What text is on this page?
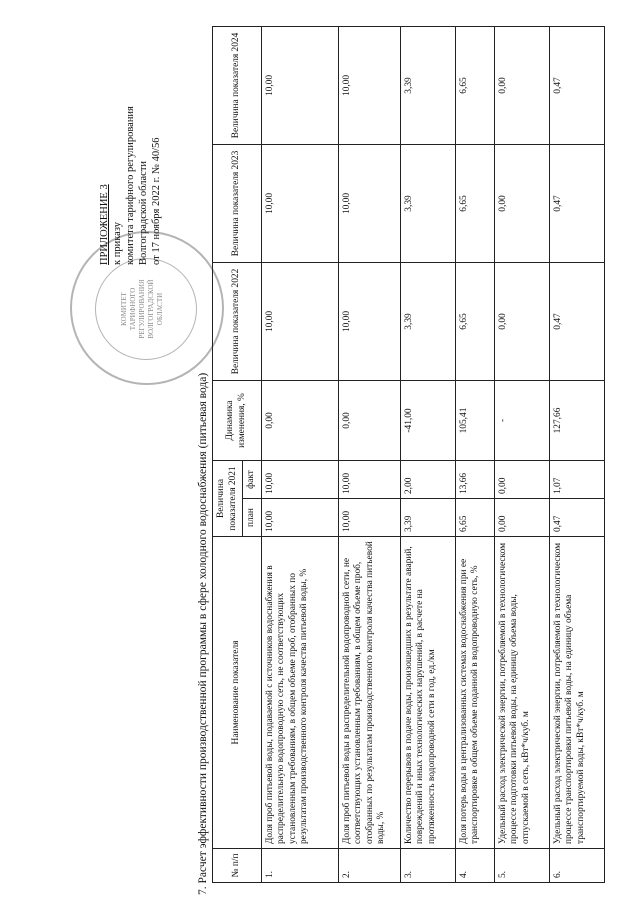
КОМИТЕТ ТАРИФНОГО РЕГУЛИРОВАНИЯ ВОЛГОГРАДСКОЙ ОБЛАСТИ
ПРИЛОЖЕНИЕ 3 к приказу комитета тарифного регулирования Волгоградской области от 17 ноября 2022 г. № 40/56
7. Расчет эффективности производственной программы в сфере холодного водоснабжения (питьевая вода) № п/п	Наименование показателя	Величина показателя 2021		Динамика изменения, %	Величина показателя 2022	Величина показателя 2023	Величина показателя 2024
		план	факт				
1.	Доля проб питьевой воды, подаваемой с источников водоснабжения в распределительную водопроводную сеть, не соответствующих установленным требованиям, в общем объеме проб, отобранных по результатам производственного контроля качества питьевой воды, %	10,00	10,00	0,00	10,00	10,00	10,00
2.	Доля проб питьевой воды в распределительной водопроводной сети, не соответствующих установленным требованиям, в общем объеме проб, отобранных по результатам производственного контроля качества питьевой воды, %	10,00	10,00	0,00	10,00	10,00	10,00
3.	Количество перерывов в подаче воды, произошедших в результате аварий, повреждений и иных технологических нарушений, в расчете на протяженность водопроводной сети в год, ед./км	3,39	2,00	-41,00	3,39	3,39	3,39
4.	Доля потерь воды в централизованных системах водоснабжения при ее транспортировке в общем объеме поданной в водопроводную сеть, %	6,65	13,66	105,41	6,65	6,65	6,65
5.	Удельный расход электрической энергии, потребляемой в технологическом процессе подготовки питьевой воды, на единицу объема воды, отпускаемой в сеть, кВт*ч/куб. м	0,00	0,00	-	0,00	0,00	0,00
6.	Удельный расход электрической энергии, потребляемой в технологическом процессе транспортировки питьевой воды, на единицу объема транспортируемой воды, кВт*ч/куб. м	0,47	1,07	127,66	0,47	0,47	0,47
